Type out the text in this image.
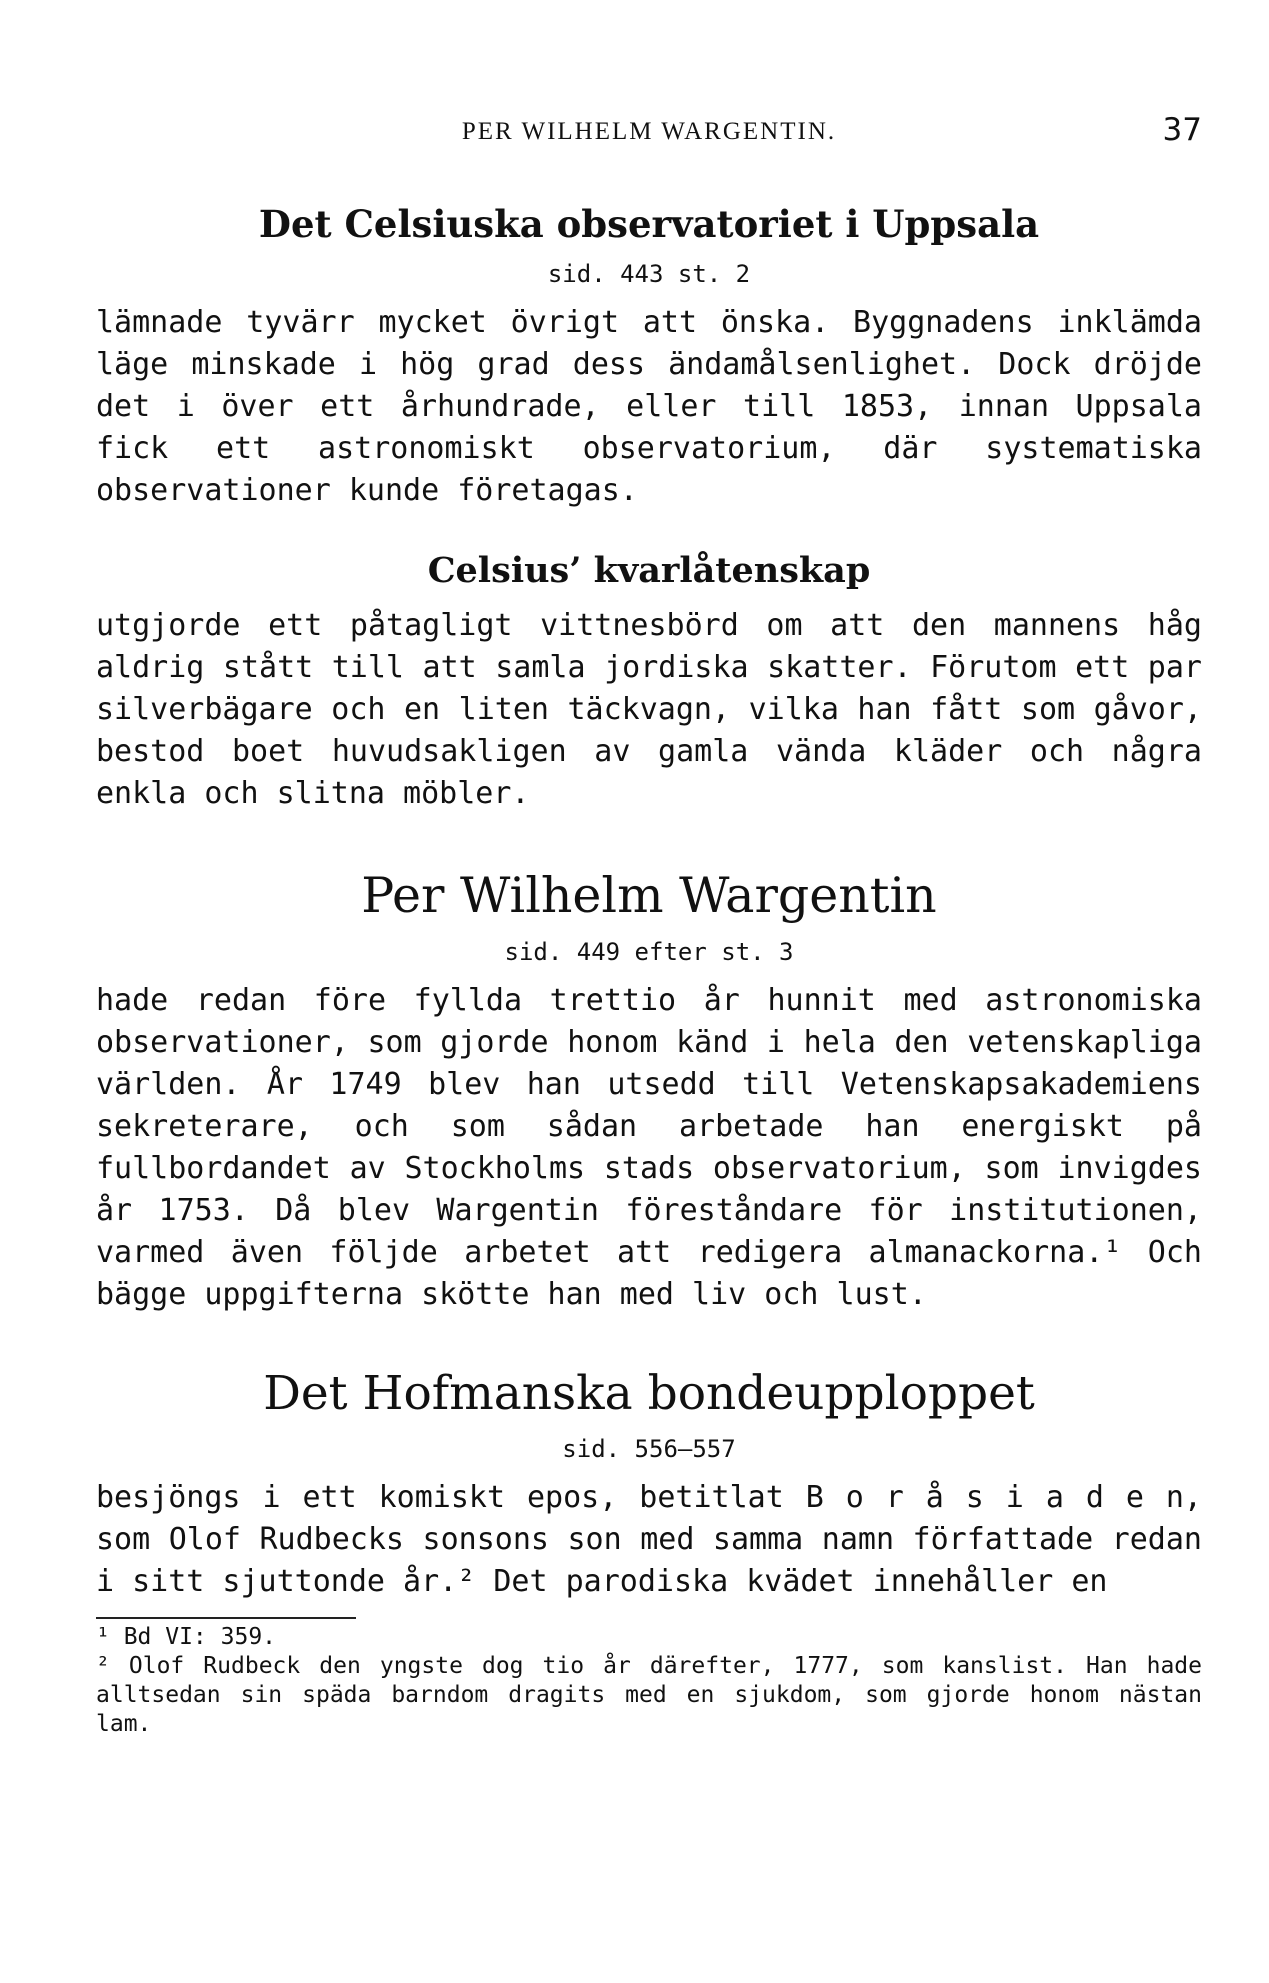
PER WILHELM WARGENTIN.	37
Det Celsiuska observatoriet i Uppsala
sid. 443 st. 2

lämnade tyvärr mycket övrigt att önska. Byggnadens inklämda läge minskade i hög grad dess ändamålsenlighet. Dock dröjde det i över ett århundrade, eller till 1853, innan Uppsala fick ett astronomiskt observatorium, där systematiska observationer kunde företagas.

Celsius’ kvarlåtenskap

utgjorde ett påtagligt vittnesbörd om att den mannens håg aldrig stått till att samla jordiska skatter. Förutom ett par silverbägare och en liten täckvagn, vilka han fått som gåvor, bestod boet huvudsakligen av gamla vända kläder och några enkla och slitna möbler.

Per Wilhelm Wargentin
sid. 449 efter st. 3

hade redan före fyllda trettio år hunnit med astronomiska observationer, som gjorde honom känd i hela den vetenskapliga världen. År 1749 blev han utsedd till Vetenskapsakademiens sekreterare, och som sådan arbetade han energiskt på fullbordandet av Stockholms stads observatorium, som invigdes år 1753. Då blev Wargentin föreståndare för institutionen, varmed även följde arbetet att redigera almanackorna.¹ Och bägge uppgifterna skötte han med liv och lust.

Det Hofmanska bondeupploppet
sid. 556—557

besjöngs i ett komiskt epos, betitlat B o r å s i a d e n, som Olof Rudbecks sonsons son med samma namn författade redan i sitt sjuttonde år.² Det parodiska kvädet innehåller en

¹ Bd VI: 359.

² Olof Rudbeck den yngste dog tio år därefter, 1777, som kanslist. Han hade alltsedan sin späda barndom dragits med en sjukdom, som gjorde honom nästan lam.
